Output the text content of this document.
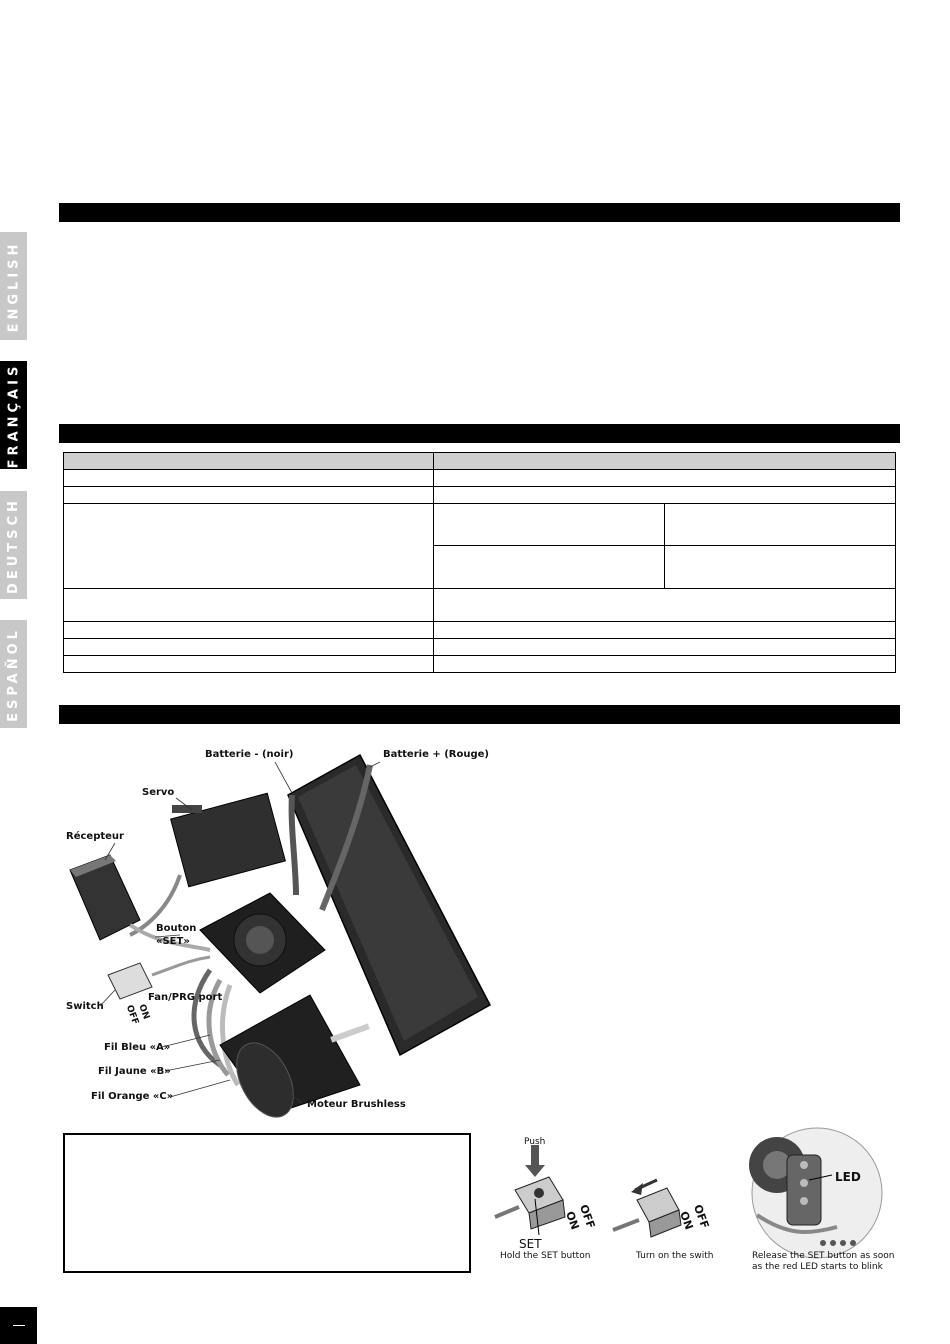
ENGLISH
FRANÇAIS
DEUTSCH
ESPAÑOL

Batterie - (noir)	Batterie + (Rouge)
Servo
Récepteur
Bouton
«SET»
Fan/PRG port
Switch	ON
OFF
Fil Bleu «A»
Fil Jaune «B»
Fil Orange «C»
Moteur Brushless
Push
OFF
ON
SET
OFF
ON
LED
Hold the SET button	Turn on the swith	Release the SET button as soon
as the red LED starts to blink
